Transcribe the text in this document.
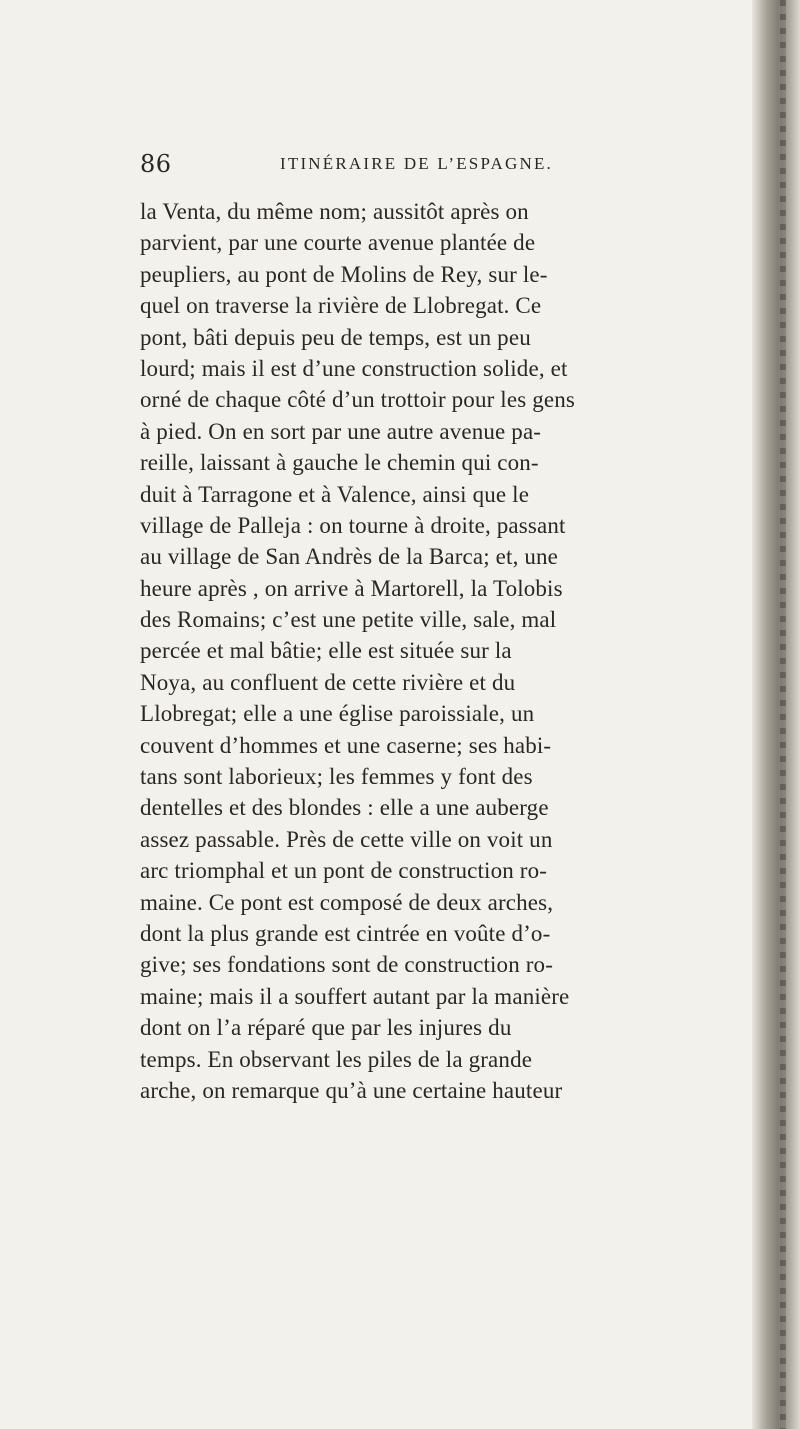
86	ITINÉRAIRE DE L’ESPAGNE.
la Venta, du même nom; aussitôt après on
parvient, par une courte avenue plantée de
peupliers, au pont de Molins de Rey, sur le-
quel on traverse la rivière de Llobregat. Ce
pont, bâti depuis peu de temps, est un peu
lourd; mais il est d’une construction solide, et
orné de chaque côté d’un trottoir pour les gens
à pied. On en sort par une autre avenue pa-
reille, laissant à gauche le chemin qui con-
duit à Tarragone et à Valence, ainsi que le
village de Palleja : on tourne à droite, passant
au village de San Andrès de la Barca; et, une
heure après , on arrive à Martorell, la Tolobis
des Romains; c’est une petite ville, sale, mal
percée et mal bâtie; elle est située sur la
Noya, au confluent de cette rivière et du
Llobregat; elle a une église paroissiale, un
couvent d’hommes et une caserne; ses habi-
tans sont laborieux; les femmes y font des
dentelles et des blondes : elle a une auberge
assez passable. Près de cette ville on voit un
arc triomphal et un pont de construction ro-
maine. Ce pont est composé de deux arches,
dont la plus grande est cintrée en voûte d’o-
give; ses fondations sont de construction ro-
maine; mais il a souffert autant par la manière
dont on l’a réparé que par les injures du
temps. En observant les piles de la grande
arche, on remarque qu’à une certaine hauteur
